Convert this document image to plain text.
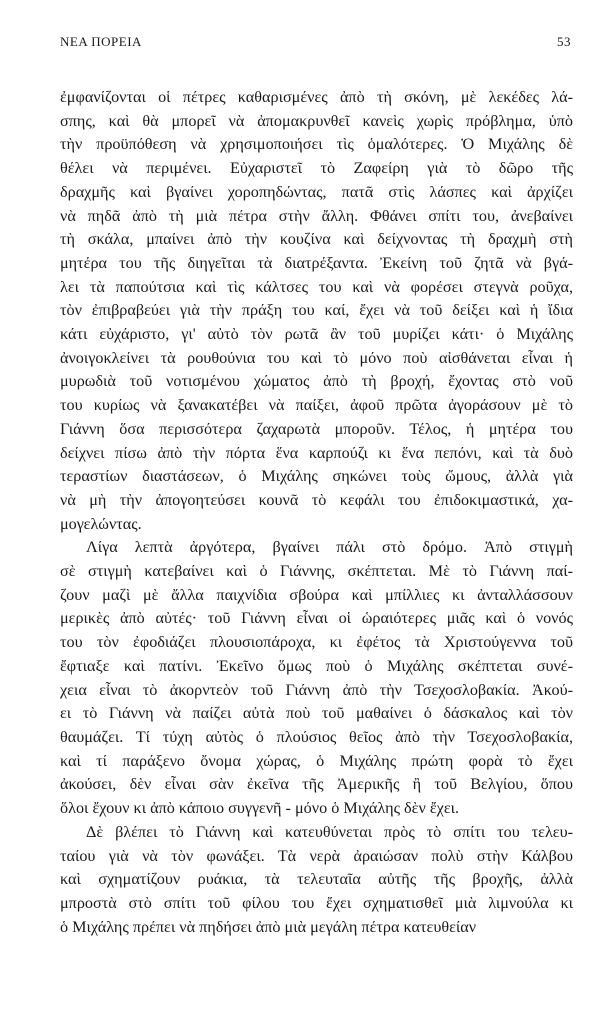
ΝΕΑ ΠΟΡΕΙΑ	53
ἐμφανίζονται οἱ πέτρες καθαρισμένες ἀπὸ τὴ σκόνη, μὲ λεκέδες λά-
σπης, καὶ θὰ μπορεῖ νὰ ἀπομακρυνθεῖ κανεὶς χωρὶς πρόβλημα, ὑπὸ
τὴν προϋπόθεση νὰ χρησιμοποιήσει τὶς ὁμαλότερες. Ὁ Μιχάλης δὲ
θέλει νὰ περιμένει. Εὐχαριστεῖ τὸ Ζαφείρη γιὰ τὸ δῶρο τῆς
δραχμῆς καὶ βγαίνει χοροπηδώντας, πατᾶ στὶς λάσπες καὶ ἀρχίζει
νὰ πηδᾶ ἀπὸ τὴ μιὰ πέτρα στὴν ἄλλη. Φθάνει σπίτι του, ἀνεβαίνει
τὴ σκάλα, μπαίνει ἀπὸ τὴν κουζίνα καὶ δείχνοντας τὴ δραχμὴ στὴ
μητέρα του τῆς διηγεῖται τὰ διατρέξαντα. Ἐκείνη τοῦ ζητᾶ νὰ βγά-
λει τὰ παπούτσια καὶ τὶς κάλτσες του καὶ νὰ φορέσει στεγνὰ ροῦχα,
τὸν ἐπιβραβεύει γιὰ τὴν πράξη του καί, ἔχει νὰ τοῦ δείξει καὶ ἡ ἴδια
κάτι εὐχάριστο, γι' αὐτὸ τὸν ρωτᾶ ἂν τοῦ μυρίζει κάτι· ὁ Μιχάλης
ἀνοιγοκλείνει τὰ ρουθούνια του καὶ τὸ μόνο ποὺ αἰσθάνεται εἶναι ἡ
μυρωδιὰ τοῦ νοτισμένου χώματος ἀπὸ τὴ βροχή, ἔχοντας στὸ νοῦ
του κυρίως νὰ ξανακατέβει νὰ παίξει, ἀφοῦ πρῶτα ἀγοράσουν μὲ τὸ
Γιάννη ὅσα περισσότερα ζαχαρωτὰ μποροῦν. Τέλος, ἡ μητέρα του
δείχνει πίσω ἀπὸ τὴν πόρτα ἕνα καρπούζι κι ἕνα πεπόνι, καὶ τὰ δυὸ
τεραστίων διαστάσεων, ὁ Μιχάλης σηκώνει τοὺς ὤμους, ἀλλὰ γιὰ
νὰ μὴ τὴν ἀπογοητεύσει κουνᾶ τὸ κεφάλι του ἐπιδοκιμαστικά, χα-
μογελώντας.
Λίγα λεπτὰ ἀργότερα, βγαίνει πάλι στὸ δρόμο. Ἀπὸ στιγμὴ
σὲ στιγμὴ κατεβαίνει καὶ ὁ Γιάννης, σκέπτεται. Μὲ τὸ Γιάννη παί-
ζουν μαζὶ μὲ ἄλλα παιχνίδια σβούρα καὶ μπίλλιες κι ἀνταλλάσσουν
μερικὲς ἀπὸ αὐτές· τοῦ Γιάννη εἶναι οἱ ὡραιότερες μιᾶς καὶ ὁ νονός
του τὸν ἐφοδιάζει πλουσιοπάροχα, κι ἐφέτος τὰ Χριστούγεννα τοῦ
ἔφτιαξε καὶ πατίνι. Ἐκεῖνο ὅμως ποὺ ὁ Μιχάλης σκέπτεται συνέ-
χεια εἶναι τὸ ἀκορντεὸν τοῦ Γιάννη ἀπὸ τὴν Τσεχοσλοβακία. Ἀκού-
ει τὸ Γιάννη νὰ παίζει αὐτὰ ποὺ τοῦ μαθαίνει ὁ δάσκαλος καὶ τὸν
θαυμάζει. Τί τύχη αὐτὸς ὁ πλούσιος θεῖος ἀπὸ τὴν Τσεχοσλοβακία,
καὶ τί παράξενο ὄνομα χώρας, ὁ Μιχάλης πρώτη φορὰ τὸ ἔχει
ἀκούσει, δὲν εἶναι σὰν ἐκεῖνα τῆς Ἀμερικῆς ἢ τοῦ Βελγίου, ὅπου
ὅλοι ἔχουν κι ἀπὸ κάποιο συγγενῆ - μόνο ὁ Μιχάλης δὲν ἔχει.
Δὲ βλέπει τὸ Γιάννη καὶ κατευθύνεται πρὸς τὸ σπίτι του τελευ-
ταίου γιὰ νὰ τὸν φωνάξει. Τὰ νερὰ ἀραιώσαν πολὺ στὴν Κάλβου
καὶ σχηματίζουν ρυάκια, τὰ τελευταῖα αὐτῆς τῆς βροχῆς, ἀλλὰ
μπροστὰ στὸ σπίτι τοῦ φίλου του ἔχει σχηματισθεῖ μιὰ λιμνούλα κι
ὁ Μιχάλης πρέπει νὰ πηδήσει ἀπὸ μιὰ μεγάλη πέτρα κατευθείαν
